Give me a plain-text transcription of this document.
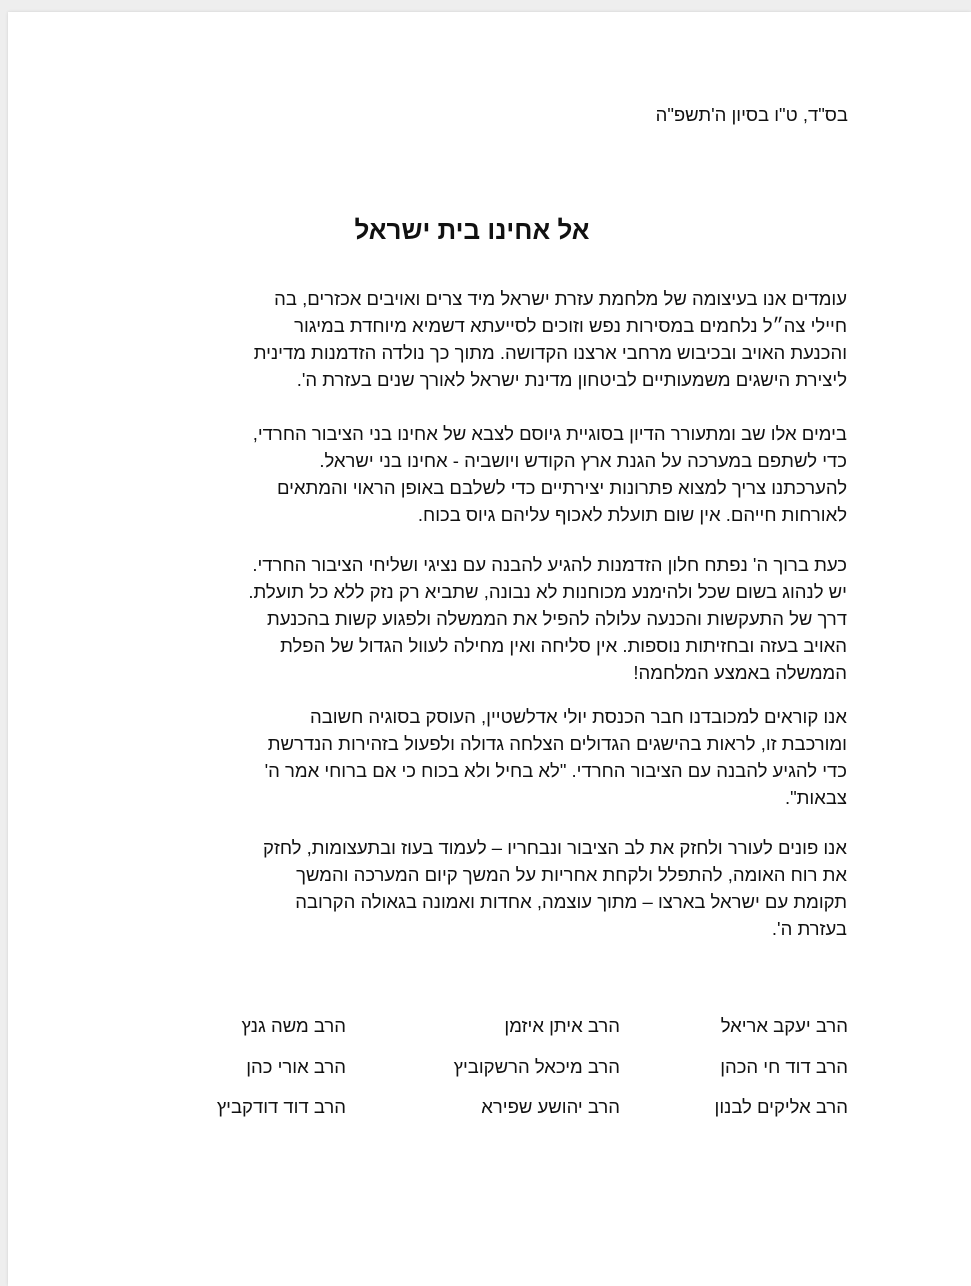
בס"ד, ט"ו בסיון ה'תשפ"ה
אל אחינו בית ישראל
עומדים אנו בעיצומה של מלחמת עזרת ישראל מיד צרים ואויבים אכזרים, בה
חיילי צה״ל נלחמים במסירות נפש וזוכים לסייעתא דשמיא מיוחדת במיגור
והכנעת האויב ובכיבוש מרחבי ארצנו הקדושה. מתוך כך נולדה הזדמנות מדינית
ליצירת הישגים משמעותיים לביטחון מדינת ישראל לאורך שנים בעזרת ה'.
בימים אלו שב ומתעורר הדיון בסוגיית גיוסם לצבא של אחינו בני הציבור החרדי,
כדי לשתפם במערכה על הגנת ארץ הקודש ויושביה - אחינו בני ישראל.
להערכתנו צריך למצוא פתרונות יצירתיים כדי לשלבם באופן הראוי והמתאים
לאורחות חייהם. אין שום תועלת לאכוף עליהם גיוס בכוח.
כעת ברוך ה' נפתח חלון הזדמנות להגיע להבנה עם נציגי ושליחי הציבור החרדי.
יש לנהוג בשום שכל ולהימנע מכוחנות לא נבונה, שתביא רק נזק ללא כל תועלת.
דרך של התעקשות והכנעה עלולה להפיל את הממשלה ולפגוע קשות בהכנעת
האויב בעזה ובחזיתות נוספות. אין סליחה ואין מחילה לעוול הגדול של הפלת
הממשלה באמצע המלחמה!
אנו קוראים למכובדנו חבר הכנסת יולי אדלשטיין, העוסק בסוגיה חשובה
ומורכבת זו, לראות בהישגים הגדולים הצלחה גדולה ולפעול בזהירות הנדרשת
כדי להגיע להבנה עם הציבור החרדי. "לא בחיל ולא בכוח כי אם ברוחי אמר ה'
צבאות".
אנו פונים לעורר ולחזק את לב הציבור ונבחריו – לעמוד בעוז ובתעצומות, לחזק
את רוח האומה, להתפלל ולקחת אחריות על המשך קיום המערכה והמשך
תקומת עם ישראל בארצו – מתוך עוצמה, אחדות ואמונה בגאולה הקרובה
בעזרת ה'.
הרב יעקב אריאל
הרב דוד חי הכהן
הרב אליקים לבנון
הרב איתן איזמן
הרב מיכאל הרשקוביץ
הרב יהושע שפירא
הרב משה גנץ
הרב אורי כהן
הרב דוד דודקביץ
